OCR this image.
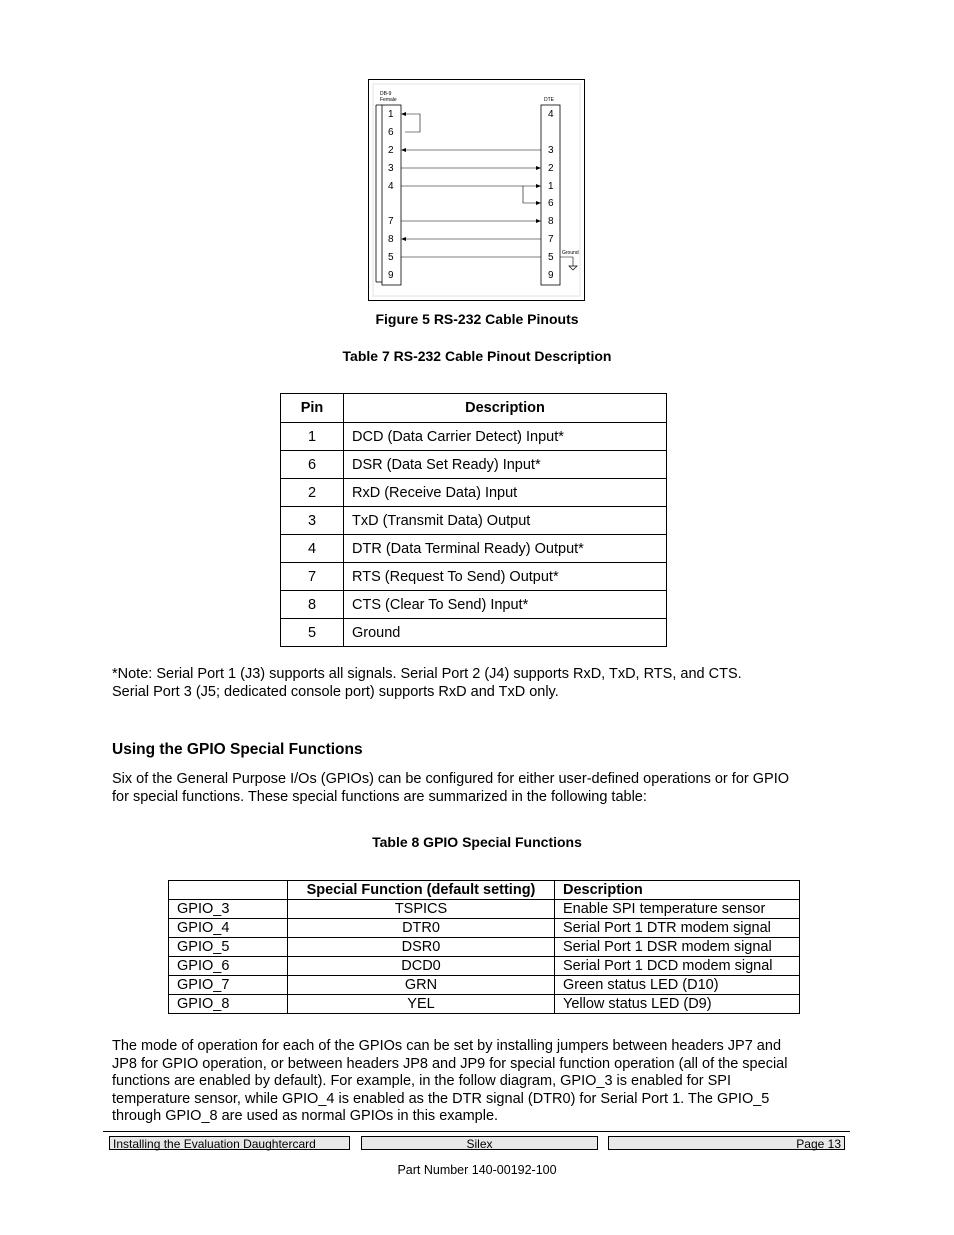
DB-9
Female	DTE
1
6
2
3
4
7
8
5
9
4
3
2
1
6
8
7
5
9
Ground
Figure 5 RS-232 Cable Pinouts
Table 7 RS-232 Cable Pinout Description
Pin	Description
1	DCD (Data Carrier Detect) Input*
6	DSR (Data Set Ready) Input*
2	RxD (Receive Data) Input
3	TxD (Transmit Data) Output
4	DTR (Data Terminal Ready) Output*
7	RTS (Request To Send) Output*
8	CTS (Clear To Send) Input*
5	Ground
*Note: Serial Port 1 (J3) supports all signals. Serial Port 2 (J4) supports RxD, TxD, RTS, and CTS.
Serial Port 3 (J5; dedicated console port) supports RxD and TxD only.
Using the GPIO Special Functions
Six of the General Purpose I/Os (GPIOs) can be configured for either user-defined operations or for GPIO
for special functions. These special functions are summarized in the following table:
Table 8 GPIO Special Functions
	Special Function (default setting)	Description
GPIO_3	TSPICS	Enable SPI temperature sensor
GPIO_4	DTR0	Serial Port 1 DTR modem signal
GPIO_5	DSR0	Serial Port 1 DSR modem signal
GPIO_6	DCD0	Serial Port 1 DCD modem signal
GPIO_7	GRN	Green status LED (D10)
GPIO_8	YEL	Yellow status LED (D9)
The mode of operation for each of the GPIOs can be set by installing jumpers between headers JP7 and
JP8 for GPIO operation, or between headers JP8 and JP9 for special function operation (all of the special
functions are enabled by default). For example, in the follow diagram, GPIO_3 is enabled for SPI
temperature sensor, while GPIO_4 is enabled as the DTR signal (DTR0) for Serial Port 1. The GPIO_5
through GPIO_8 are used as normal GPIOs in this example.
Installing the Evaluation Daughtercard	Silex	Page 13
Part Number 140-00192-100
